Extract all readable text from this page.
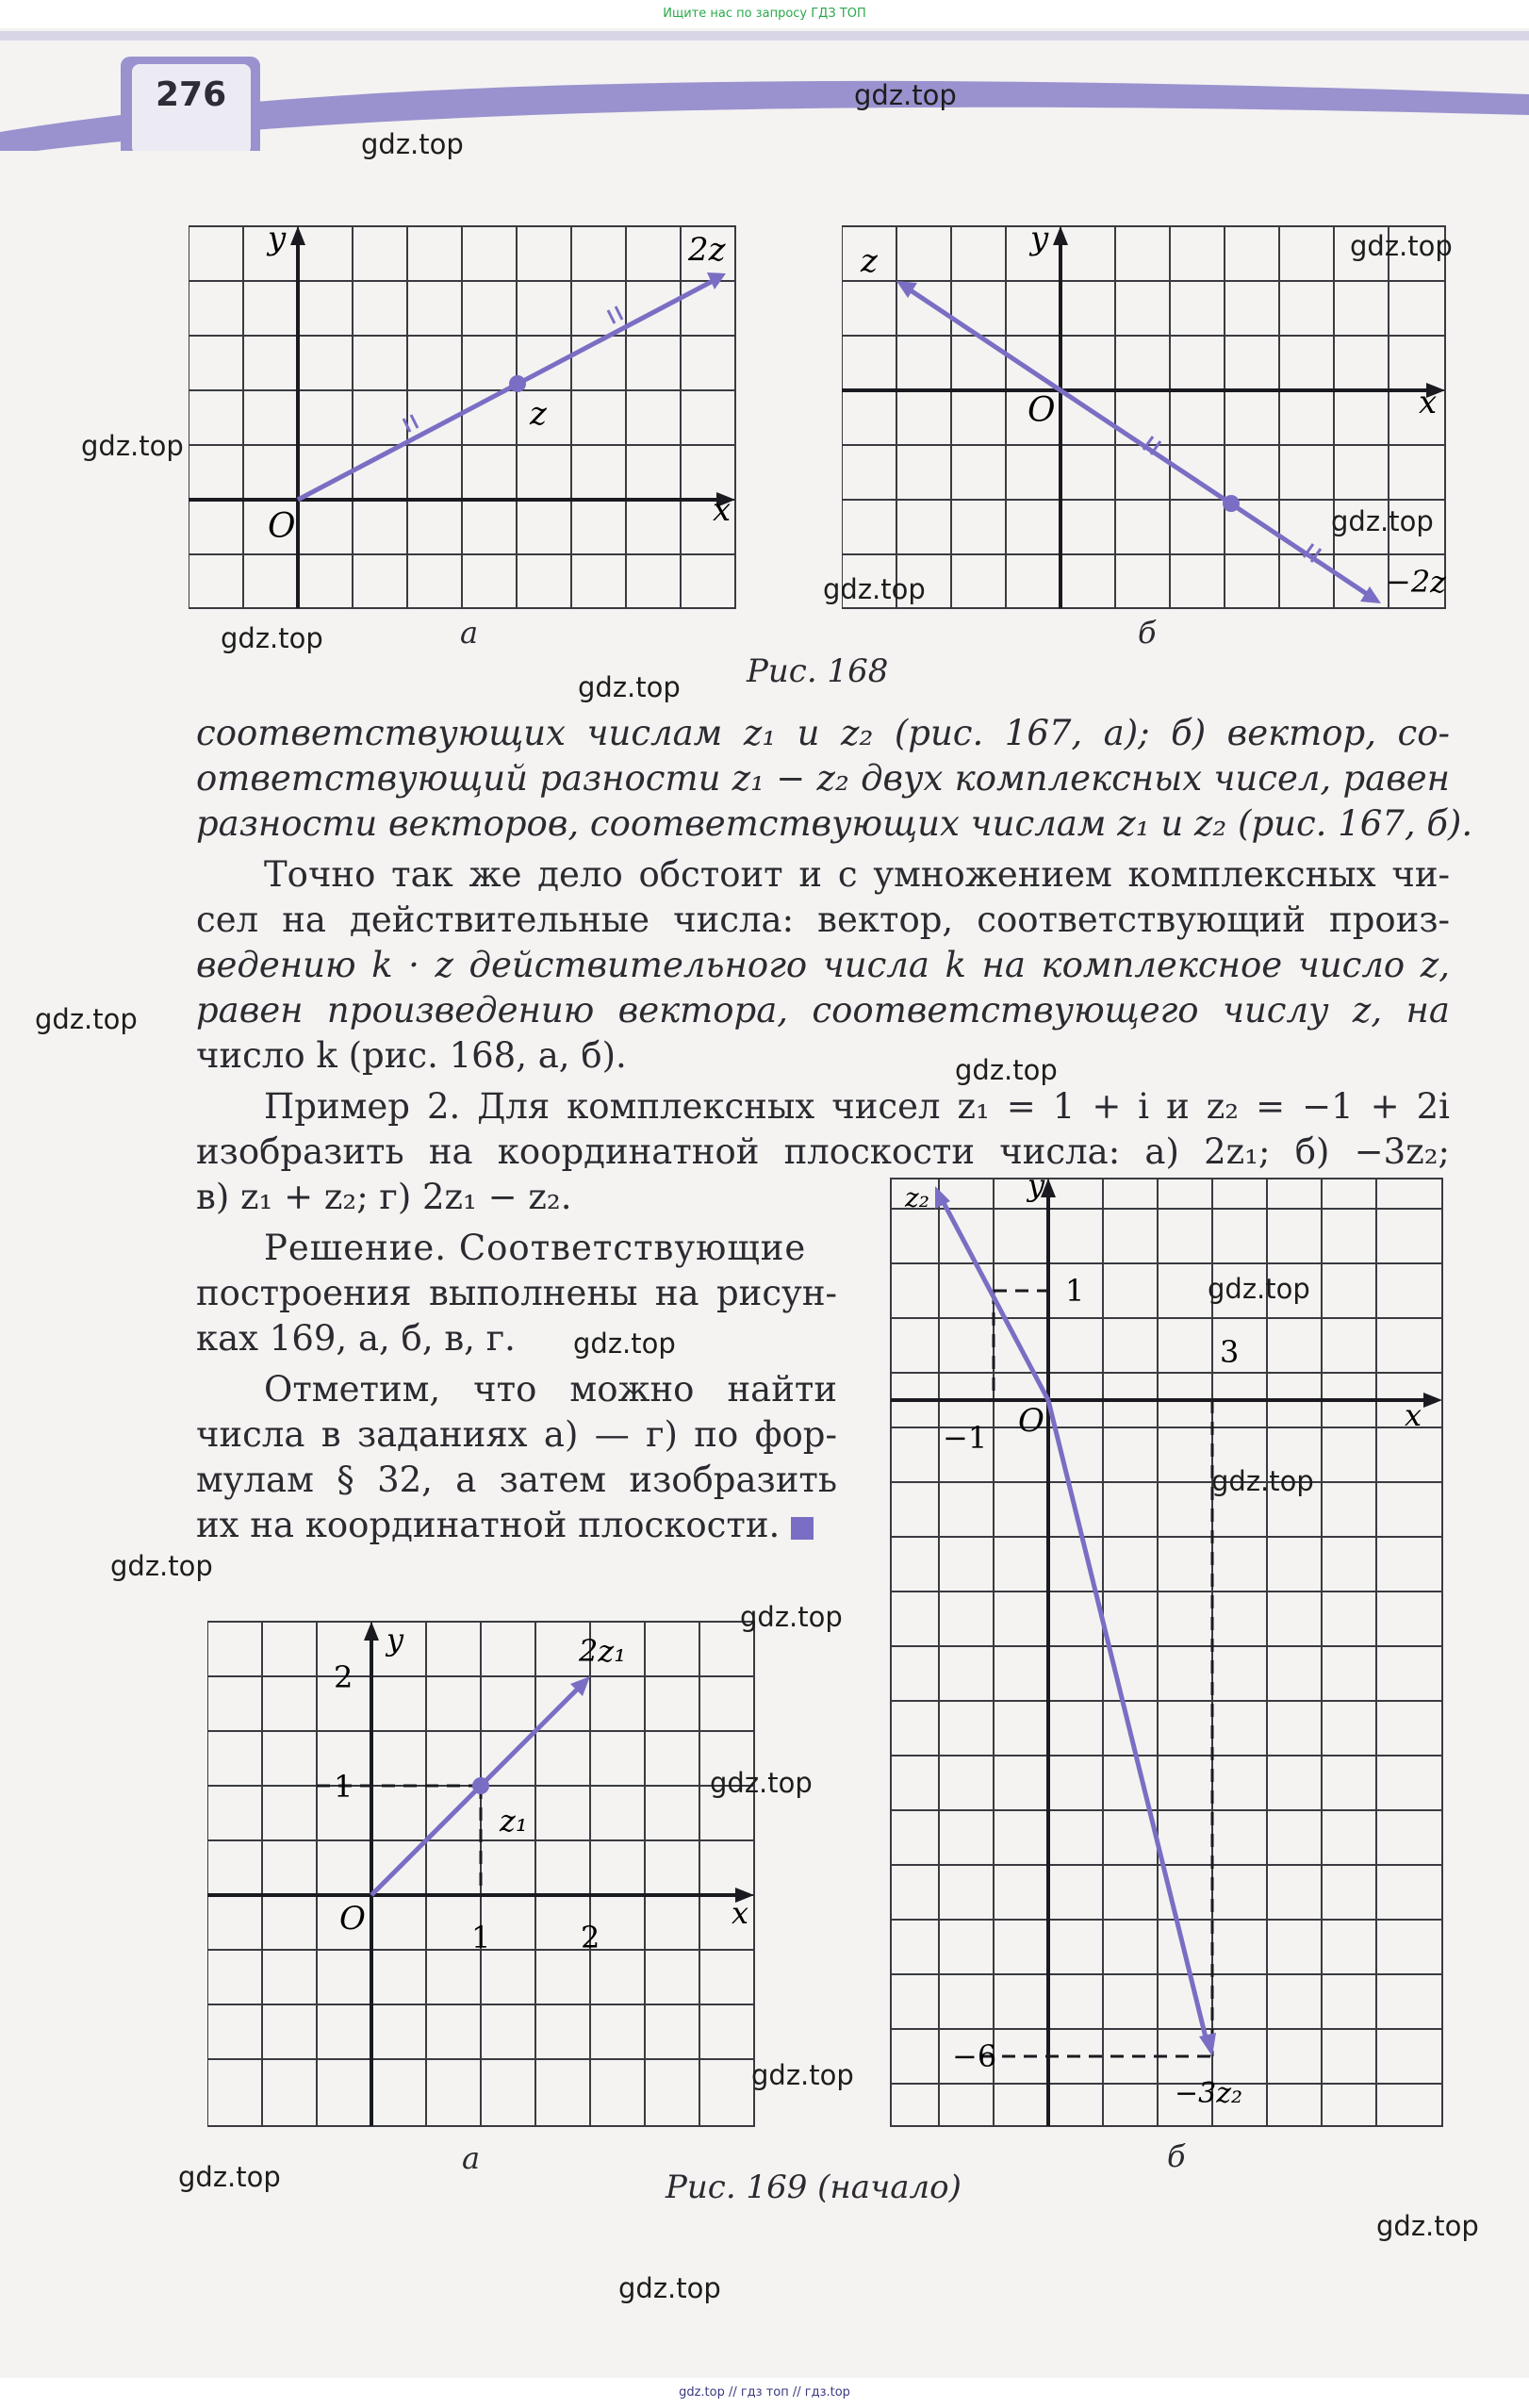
Ищите нас по запросу ГДЗ ТОП
276
y
x
O
z
2z
а
y
x
z
O
−2z
б
Рис. 168
соответствующих числам z₁ и z₂ (рис. 167, а); б) вектор, со-
ответствующий разности z₁ − z₂ двух комплексных чисел, равен
разности векторов, соответствующих числам z₁ и z₂ (рис. 167, б).
Точно так же дело обстоит и с умножением комплексных чи-
сел на действительные числа: вектор, соответствующий произ-
ведению k · z действительного числа k на комплексное число z,
равен произведению вектора, соответствующего числу z, на
число k (рис. 168, а, б).
Пример 2. Для комплексных чисел z₁ = 1 + i и z₂ = −1 + 2i
изобразить на координатной плоскости числа: а) 2z₁; б) −3z₂;
в) z₁ + z₂; г) 2z₁ − z₂.
Решение. Соответствующие
построения выполнены на рисун-
ках 169, а, б, в, г.
Отметим, что можно найти
числа в заданиях а) — г) по фор-
мулам § 32, а затем изобразить
их на координатной плоскости.
y
x
O
2
1
1	2
z₁
2z₁
а
y
x
O
1
−1
3
−6
z₂
−3z₂
б
Рис. 169 (начало)
gdz.top
gdz.top
gdz.top
gdz.top
gdz.top
gdz.top
gdz.top
gdz.top
gdz.top
gdz.top
gdz.top
gdz.top
gdz.top
gdz.top
gdz.top
gdz.top
gdz.top
gdz.top
gdz.top
gdz.top
gdz.top // гдз топ // гдз.top
